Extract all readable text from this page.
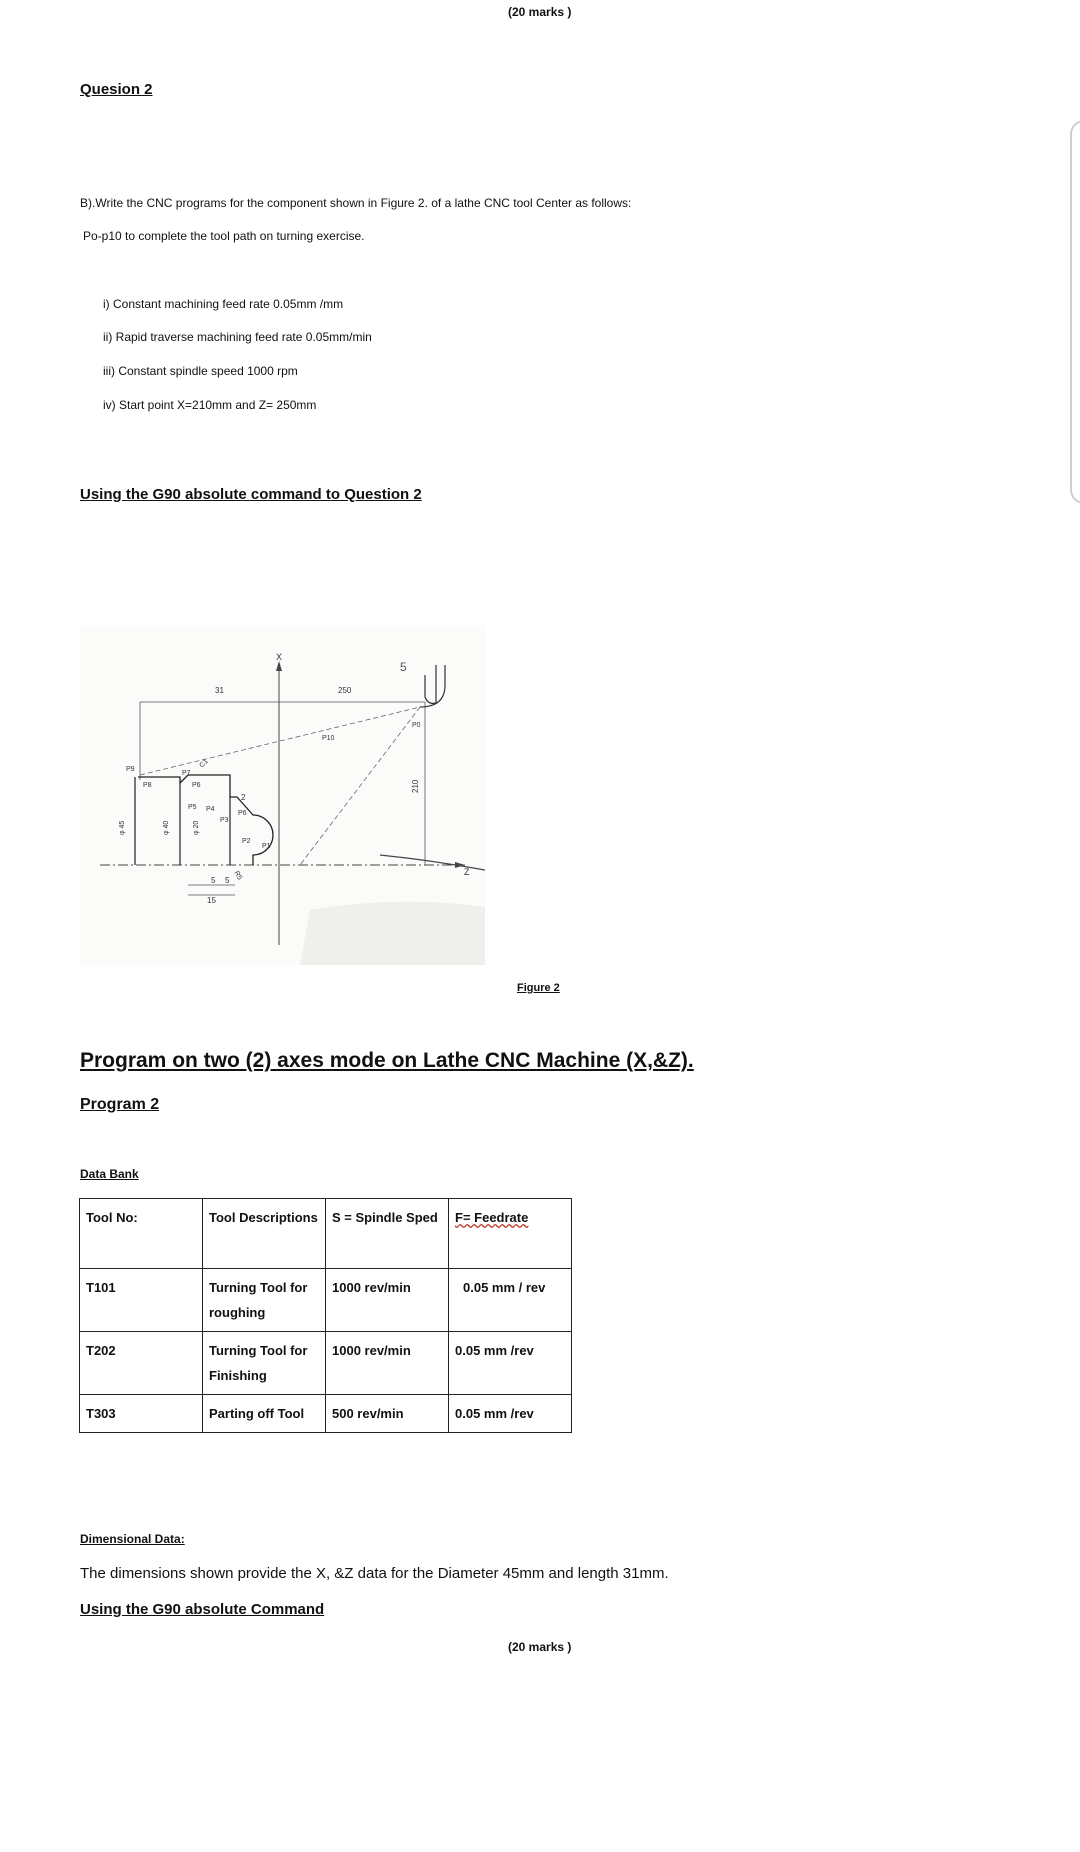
(20 marks )
Quesion 2
B).Write the CNC programs for the component shown in Figure 2. of a lathe CNC tool Center as follows:
Po-p10 to complete the tool path on turning exercise.
i) Constant machining feed rate 0.05mm /mm
ii) Rapid traverse machining feed rate 0.05mm/min
iii) Constant spindle speed 1000 rpm
iv) Start point X=210mm and Z= 250mm
Using the G90 absolute command to Question 2
X
Z
31	250
210
P0
5
P10
P9
P8
P7
C1
P6
P5 P4
P3
P2
P1
P6
2
R5
φ 45	φ 40	φ 20
5 5
15
Figure 2
Program on two (2) axes mode on Lathe CNC Machine (X,&Z).
Program 2
Data Bank
Tool No:	Tool Descriptions	S = Spindle Sped	F= Feedrate
T101	Turning Tool for roughing	1000 rev/min	0.05 mm / rev
T202	Turning Tool for Finishing	1000 rev/min	0.05 mm /rev
T303	Parting off Tool	500 rev/min	0.05 mm /rev
Dimensional Data:
The dimensions shown provide the X, &Z data for the Diameter 45mm and length 31mm.
Using the G90 absolute Command
(20 marks )
